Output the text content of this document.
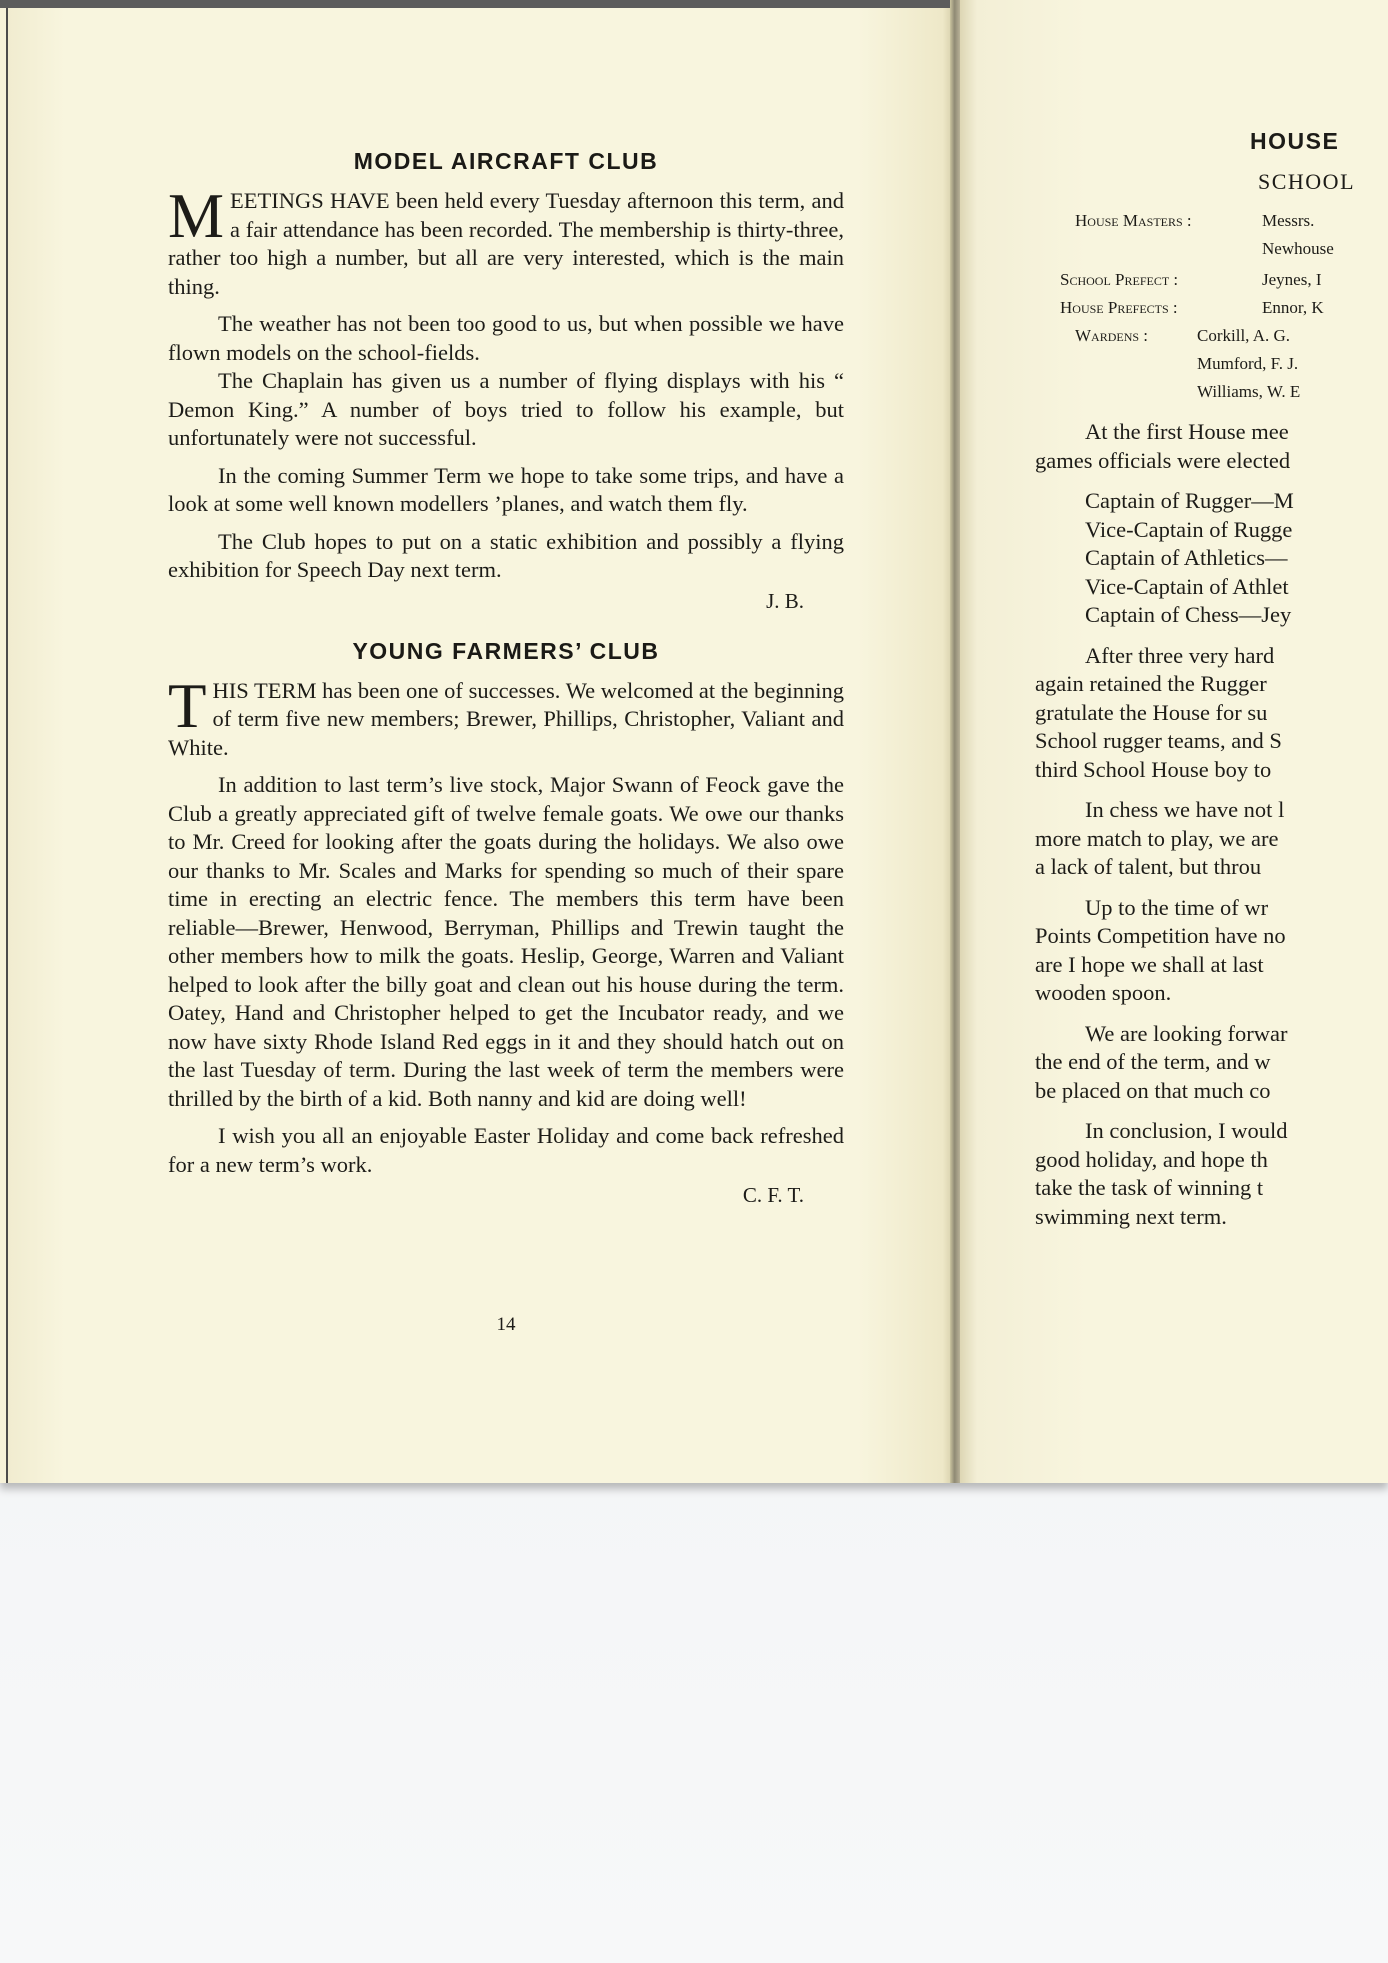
MODEL AIRCRAFT CLUB

MEETINGS HAVE been held every Tuesday afternoon this term, and a fair attendance has been recorded. The membership is thirty-three, rather too high a number, but all are very interested, which is the main thing.

The weather has not been too good to us, but when possible we have flown models on the school-fields.

The Chaplain has given us a number of flying displays with his “ Demon King.” A number of boys tried to follow his example, but unfortunately were not successful.

In the coming Summer Term we hope to take some trips, and have a look at some well known modellers ’planes, and watch them fly.

The Club hopes to put on a static exhibition and possibly a flying exhibition for Speech Day next term.

J. B.
YOUNG FARMERS’ CLUB

THIS TERM has been one of successes. We welcomed at the beginning of term five new members; Brewer, Phillips, Christopher, Valiant and White.

In addition to last term’s live stock, Major Swann of Feock gave the Club a greatly appreciated gift of twelve female goats. We owe our thanks to Mr. Creed for looking after the goats during the holidays. We also owe our thanks to Mr. Scales and Marks for spending so much of their spare time in erecting an electric fence. The members this term have been reliable—Brewer, Henwood, Berryman, Phillips and Trewin taught the other members how to milk the goats. Heslip, George, Warren and Valiant helped to look after the billy goat and clean out his house during the term. Oatey, Hand and Christopher helped to get the Incubator ready, and we now have sixty Rhode Island Red eggs in it and they should hatch out on the last Tuesday of term. During the last week of term the members were thrilled by the birth of a kid. Both nanny and kid are doing well!

I wish you all an enjoyable Easter Holiday and come back refreshed for a new term’s work.

C. F. T.
14
HOUSE
SCHOOL
House Masters :	Messrs.
Newhouse
School Prefect :	Jeynes, I
House Prefects :	Ennor, K
Wardens :	Corkill, A. G.
Mumford, F. J.
Williams, W. E

At the first House mee

games officials were elected

Captain of Rugger—M

Vice-Captain of Rugge

Captain of Athletics—

Vice-Captain of Athlet

Captain of Chess—Jey

After three very hard

again retained the Rugger

gratulate the House for su

School rugger teams, and S

third School House boy to

In chess we have not l

more match to play, we are

a lack of talent, but throu

Up to the time of wr

Points Competition have no

are I hope we shall at last

wooden spoon.

We are looking forwar

the end of the term, and w

be placed on that much co

In conclusion, I would

good holiday, and hope th

take the task of winning t

swimming next term.
